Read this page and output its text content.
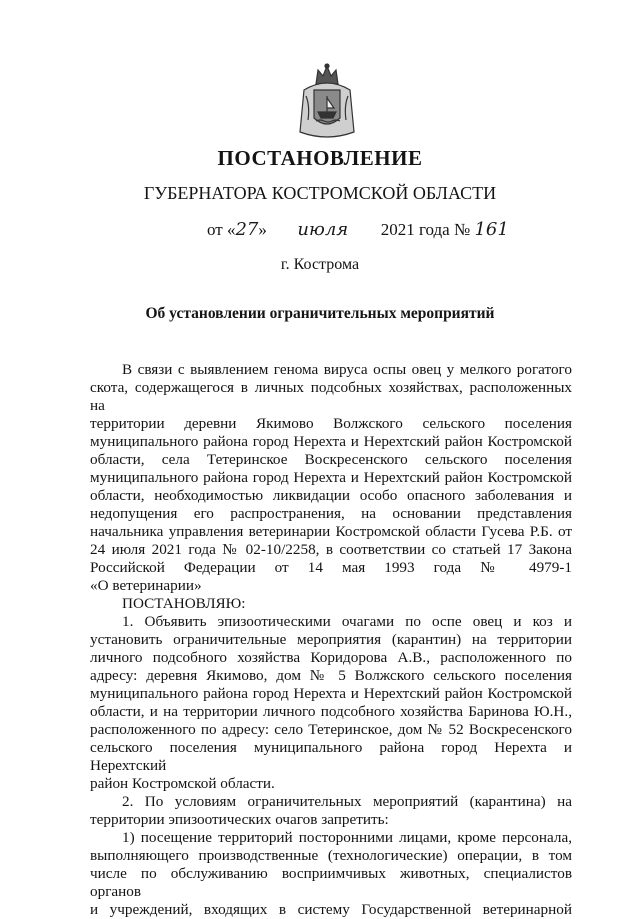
ПОСТАНОВЛЕНИЕ
ГУБЕРНАТОРА КОСТРОМСКОЙ ОБЛАСТИ
от «27» июля 2021 года № 161
г. Кострома
Об установлении ограничительных мероприятий

В связи с выявлением генома вируса оспы овец у мелкого рогатого

скота, содержащегося в личных подсобных хозяйствах, расположенных на

территории деревни Якимово Волжского сельского поселения

муниципального района город Нерехта и Нерехтский район Костромской

области, села Тетеринское Воскресенского сельского поселения

муниципального района город Нерехта и Нерехтский район Костромской

области, необходимостью ликвидации особо опасного заболевания и

недопущения его распространения, на основании представления

начальника управления ветеринарии Костромской области Гусева Р.Б. от

24 июля 2021 года № 02-10/2258, в соответствии со статьей 17 Закона

Российской Федерации от 14 мая 1993 года № 4979-1

«О ветеринарии»

ПОСТАНОВЛЯЮ:

1. Объявить эпизоотическими очагами по оспе овец и коз и

установить ограничительные мероприятия (карантин) на территории

личного подсобного хозяйства Коридорова А.В., расположенного по

адресу: деревня Якимово, дом № 5 Волжского сельского поселения

муниципального района город Нерехта и Нерехтский район Костромской

области, и на территории личного подсобного хозяйства Баринова Ю.Н.,

расположенного по адресу: село Тетеринское, дом № 52 Воскресенского

сельского поселения муниципального района город Нерехта и Нерехтский

район Костромской области.

2. По условиям ограничительных мероприятий (карантина) на

территории эпизоотических очагов запретить:

1) посещение территорий посторонними лицами, кроме персонала,

выполняющего производственные (технологические) операции, в том

числе по обслуживанию восприимчивых животных, специалистов органов

и учреждений, входящих в систему Государственной ветеринарной
